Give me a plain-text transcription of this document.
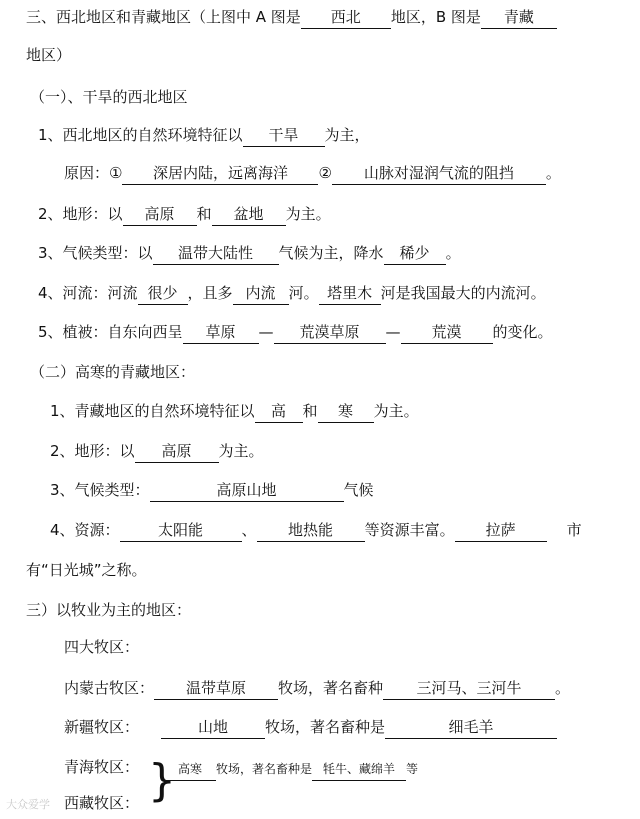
三、西北地区和青藏地区（上图中 A 图是 西北 地区，B 图是 青藏
地区）
（一）、干旱的西北地区
1、西北地区的自然环境特征以 干旱 为主，
原因：① 深居内陆，远离海洋 ② 山脉对湿润气流的阻挡 。
2、地形：以 高原 和 盆地 为主。
3、气候类型：以 温带大陆性 气候为主，降水 稀少 。
4、河流：河流 很少 ，且多 内流 河。 塔里木 河是我国最大的内流河。
5、植被：自东向西呈 草原 — 荒漠草原 — 荒漠 的变化。
（二）高寒的青藏地区：
1、青藏地区的自然环境特征以 高 和 寒 为主。
2、地形：以 高原 为主。
3、气候类型：	高原山地	气候
4、资源：	太阳能	、 地热能 等资源丰富。 拉萨	市
有“日光城”之称。
三）以牧业为主的地区：
四大牧区：
内蒙古牧区： 温带草原 牧场，著名畜种 三河马、三河牛 。
新疆牧区：	山地 牧场，著名畜种是	细毛羊
青海牧区：
西藏牧区： } 高寒 牧场，著名畜种是 牦牛、藏绵羊 等
大众爱学
